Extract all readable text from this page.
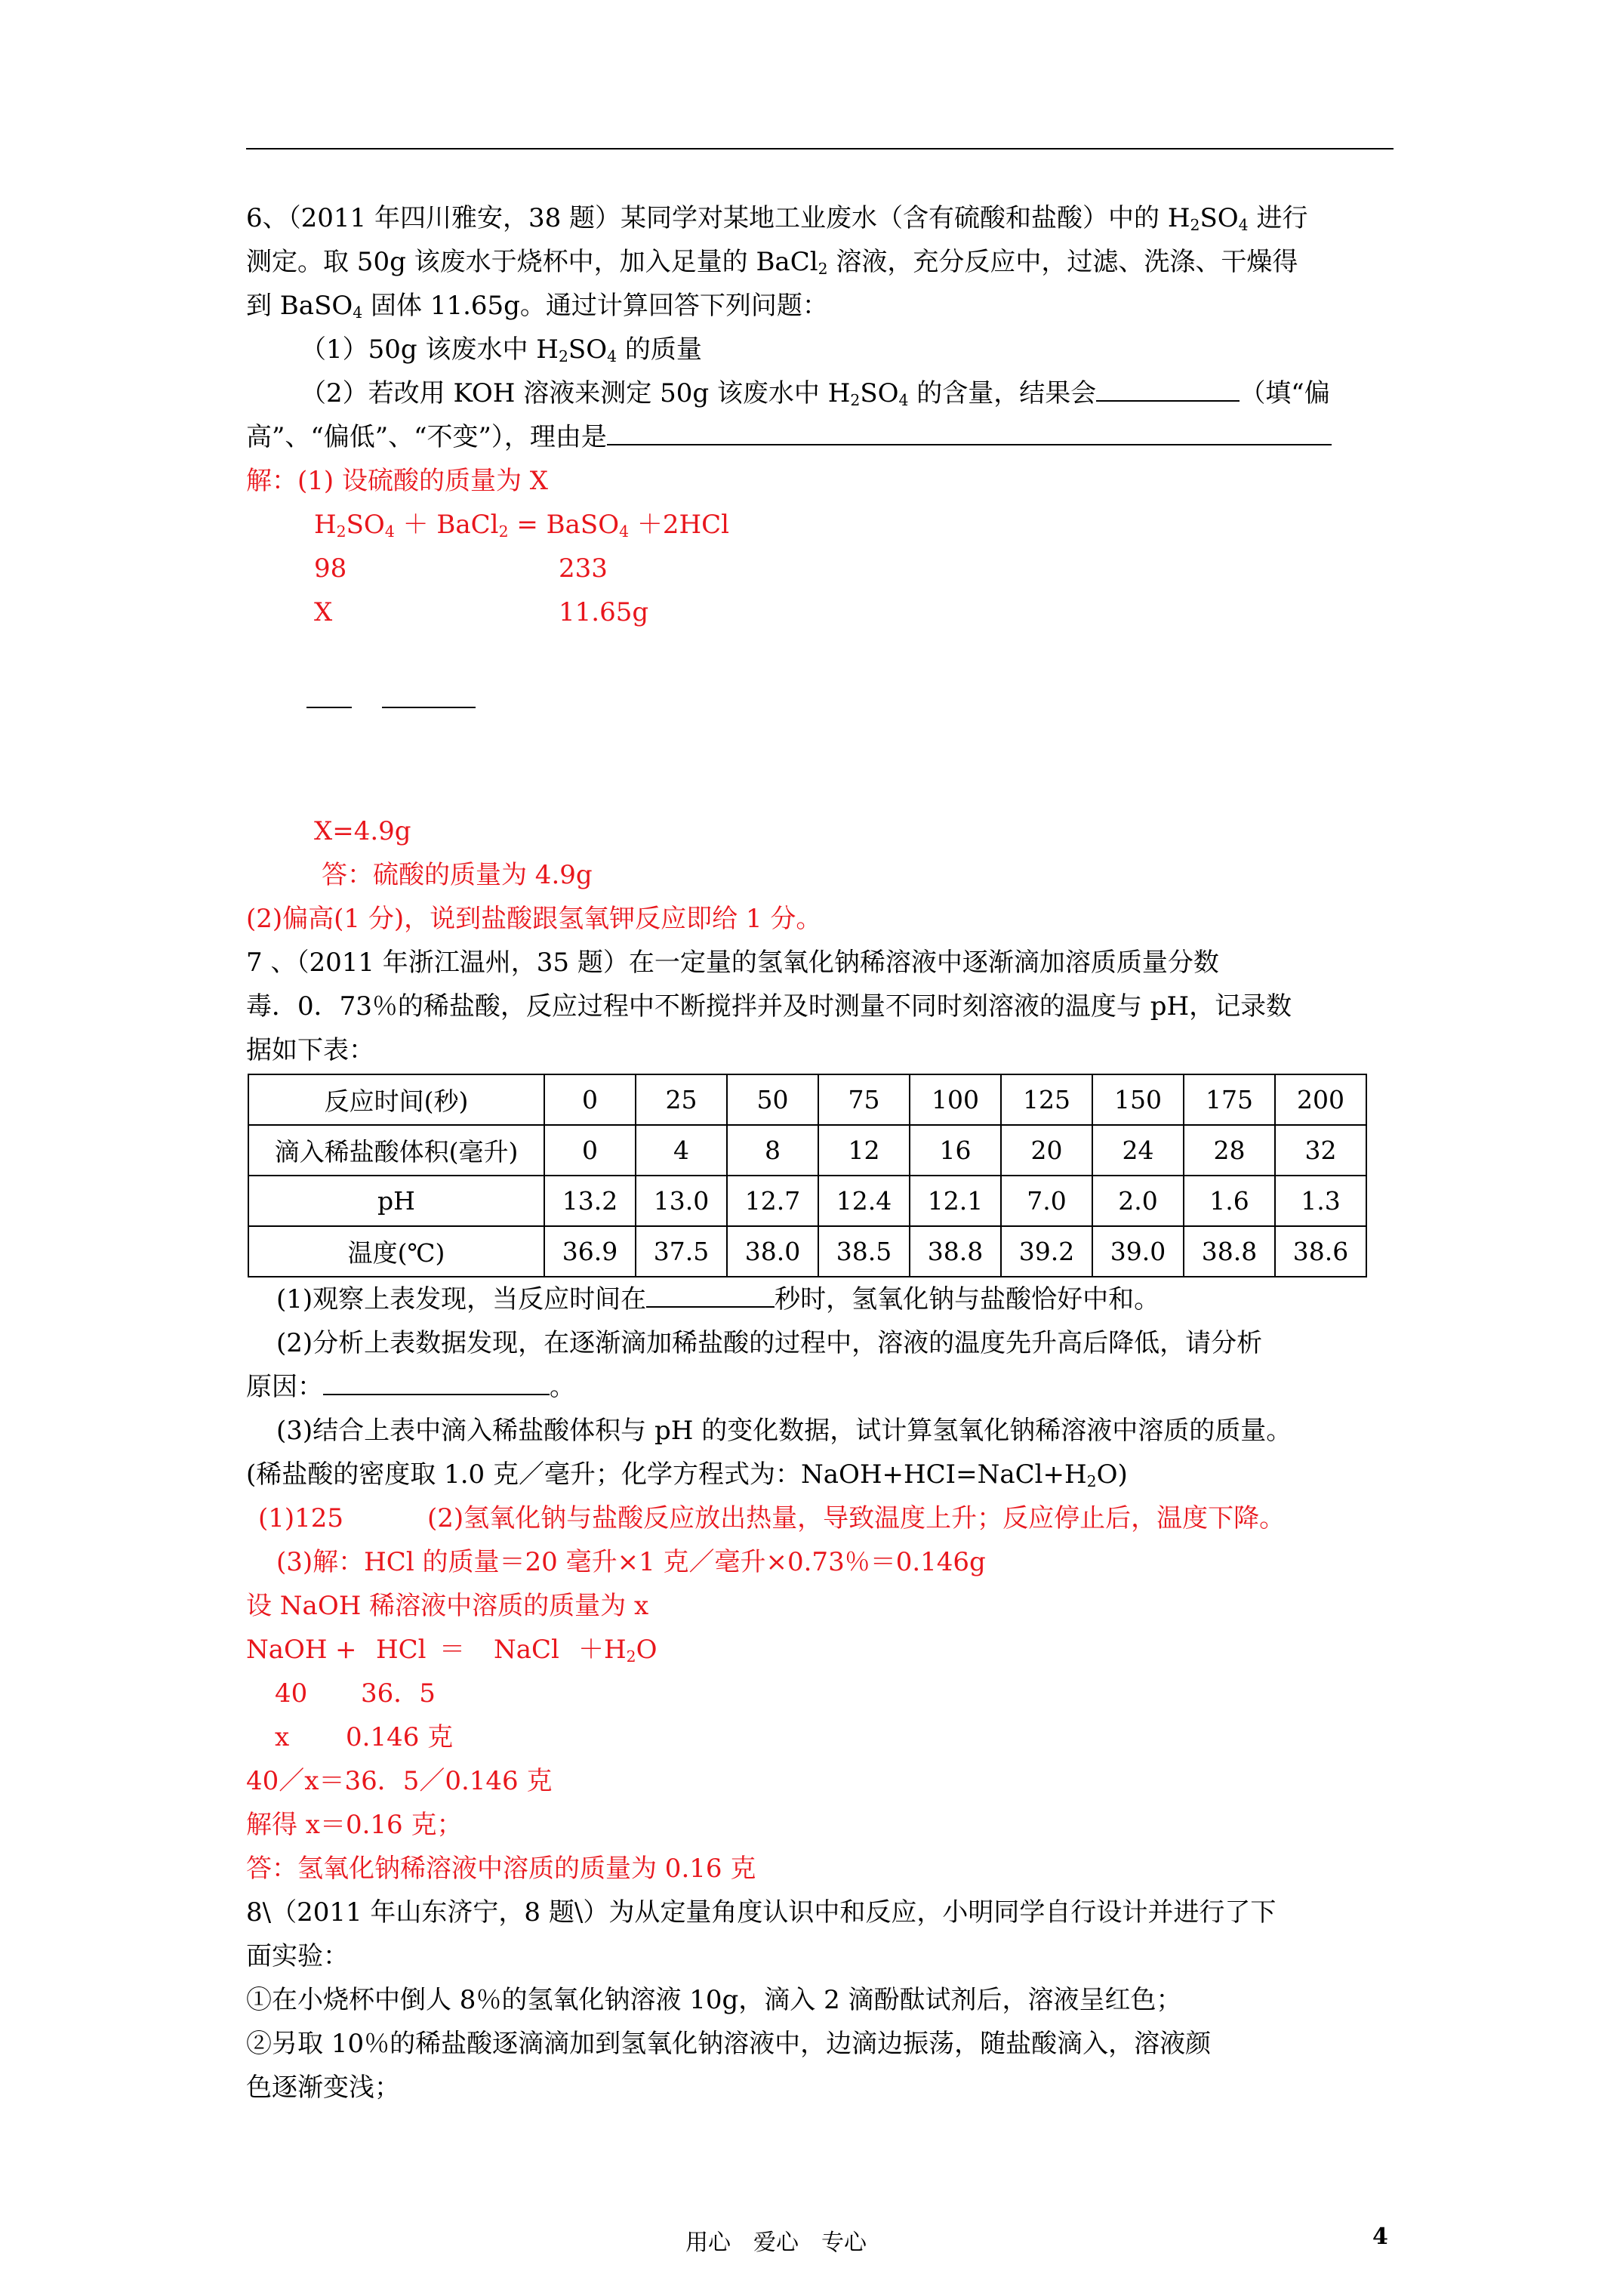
6、（2011 年四川雅安，38 题）某同学对某地工业废水（含有硫酸和盐酸）中的 $H_2SO_4$ 进行
测定。取 50g 该废水于烧杯中，加入足量的 BaCl$_2$ 溶液，充分反应中，过滤、洗涤、干燥得
到 BaSO$_4$ 固体 11.65g。通过计算回答下列问题：
（1）50g 该废水中 $H_2SO_4$ 的质量
（2）若改用 KOH 溶液来测定 50g 该废水中 $H_2SO_4$ 的含量，结果会	（填“偏
高”、“偏低”、“不变”），理由是
解：(1) 设硫酸的质量为 X
$H_2SO_4$ ＋ BaCl$_2$ = BaSO$_4$ ＋2HCl
98	233
X	11.65g
X=4.9g
答：硫酸的质量为 4.9g
(2)偏高(1 分)，说到盐酸跟氢氧钾反应即给 1 分。
7 、（2011 年浙江温州，35 题）在一定量的氢氧化钠稀溶液中逐渐滴加溶质质量分数
毒．0．73％的稀盐酸，反应过程中不断搅拌并及时测量不同时刻溶液的温度与 pH，记录数
据如下表：
反应时间(秒)	0	25	50	75	100	125	150	175	200
滴入稀盐酸体积(毫升)	0	4	8	12	16	20	24	28	32
pH	13.2	13.0	12.7	12.4	12.1	7.0	2.0	1.6	1.3
温度(℃)	36.9	37.5	38.0	38.5	38.8	39.2	39.0	38.8	38.6
(1)观察上表发现，当反应时间在	秒时，氢氧化钠与盐酸恰好中和。
(2)分析上表数据发现，在逐渐滴加稀盐酸的过程中，溶液的温度先升高后降低，请分析
原因：	。
(3)结合上表中滴入稀盐酸体积与 pH 的变化数据，试计算氢氧化钠稀溶液中溶质的质量。
(稀盐酸的密度取 1.0 克／毫升；化学方程式为：$NaOH+HCI=NaCl+H_2O$)
(1)125	(2)氢氧化钠与盐酸反应放出热量，导致温度上升；反应停止后，温度下降。
(3)解：HCl 的质量＝20 毫升×1 克／毫升×0.73％＝0.146g
设 NaOH 稀溶液中溶质的质量为 x
NaOH + HCl ＝ NaCl $+H_2O$
40 36．5
x 0.146 克
40／x＝36．5／0.146 克
解得 x＝0.16 克；
答：氢氧化钠稀溶液中溶质的质量为 0.16 克
8\（2011 年山东济宁，8 题\）为从定量角度认识中和反应，小明同学自行设计并进行了下
面实验：
①在小烧杯中倒人 8％的氢氧化钠溶液 10g，滴入 2 滴酚酞试剂后，溶液呈红色；
②另取 10％的稀盐酸逐滴滴加到氢氧化钠溶液中，边滴边振荡，随盐酸滴入，溶液颜
色逐渐变浅；
用心　爱心　专心	4
